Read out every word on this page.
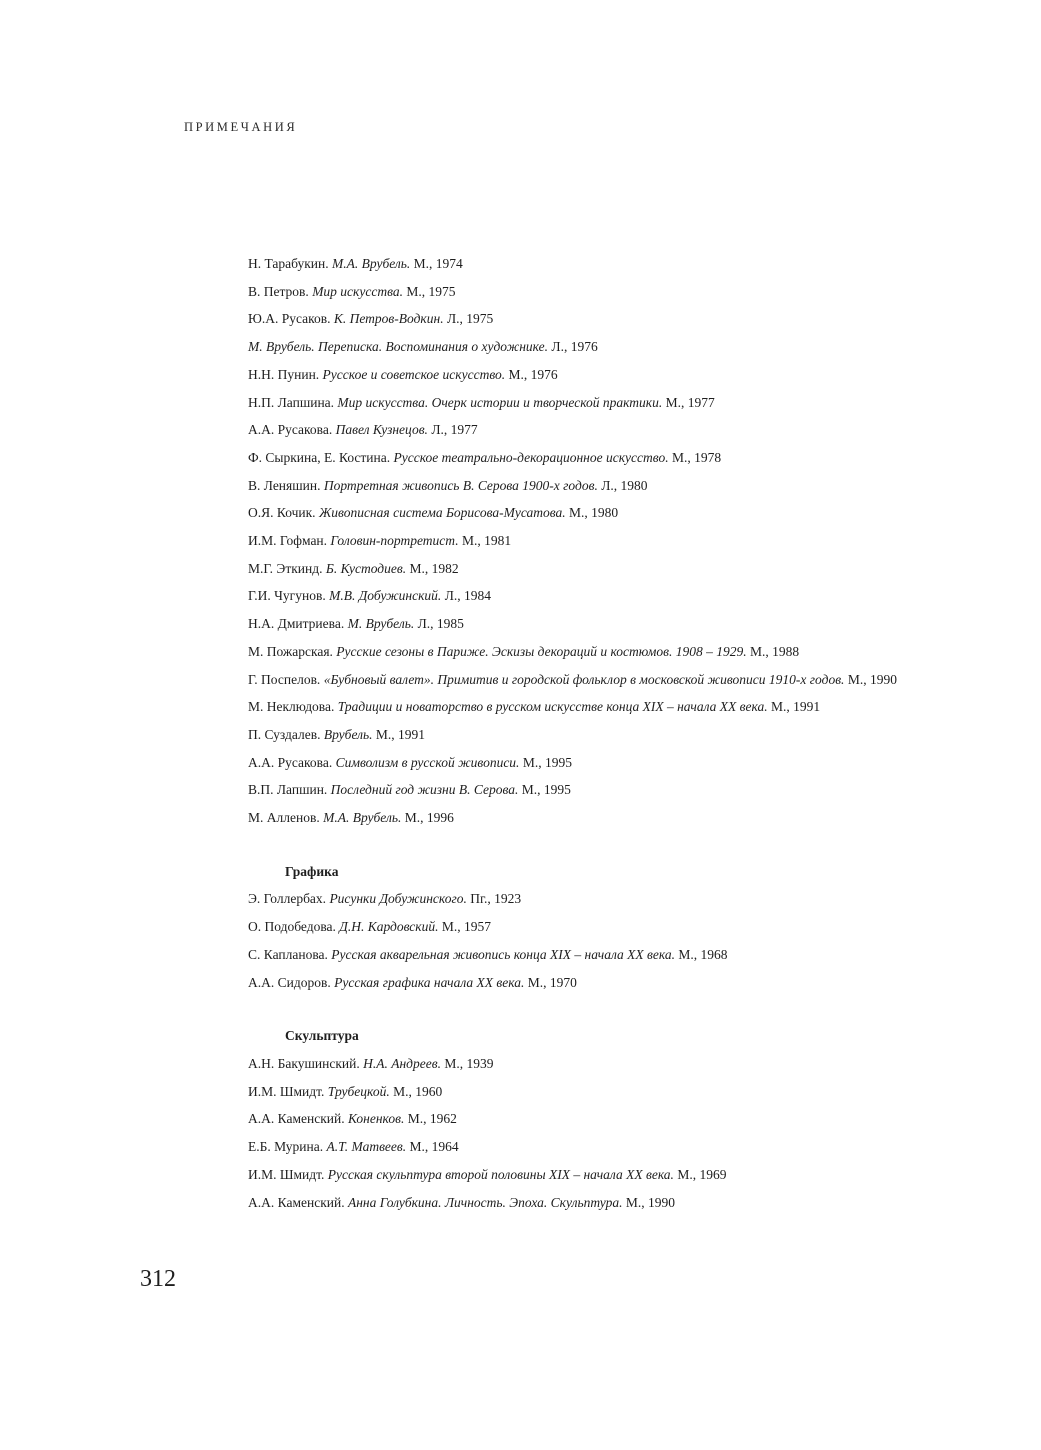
ПРИМЕЧАНИЯ
Н. Тарабукин. М.А. Врубель. М., 1974
В. Петров. Мир искусства. М., 1975
Ю.А. Русаков. К. Петров-Водкин. Л., 1975
М. Врубель. Переписка. Воспоминания о художнике. Л., 1976
Н.Н. Пунин. Русское и советское искусство. М., 1976
Н.П. Лапшина. Мир искусства. Очерк истории и творческой практики. М., 1977
А.А. Русакова. Павел Кузнецов. Л., 1977
Ф. Сыркина, Е. Костина. Русское театрально-декорационное искусство. М., 1978
В. Леняшин. Портретная живопись В. Серова 1900-х годов. Л., 1980
О.Я. Кочик. Живописная система Борисова-Мусатова. М., 1980
И.М. Гофман. Головин-портретист. М., 1981
М.Г. Эткинд. Б. Кустодиев. М., 1982
Г.И. Чугунов. М.В. Добужинский. Л., 1984
Н.А. Дмитриева. М. Врубель. Л., 1985
М. Пожарская. Русские сезоны в Париже. Эскизы декораций и костюмов. 1908 – 1929. М., 1988
Г. Поспелов. «Бубновый валет». Примитив и городской фольклор в московской живописи 1910-х годов. М., 1990
М. Неклюдова. Традиции и новаторство в русском искусстве конца XIX – начала XX века. М., 1991
П. Суздалев. Врубель. М., 1991
А.А. Русакова. Символизм в русской живописи. М., 1995
В.П. Лапшин. Последний год жизни В. Серова. М., 1995
М. Алленов. М.А. Врубель. М., 1996
Графика
Э. Голлербах. Рисунки Добужинского. Пг., 1923
О. Подобедова. Д.Н. Кардовский. М., 1957
С. Капланова. Русская акварельная живопись конца XIX – начала XX века. М., 1968
А.А. Сидоров. Русская графика начала XX века. М., 1970
Скульптура
А.Н. Бакушинский. Н.А. Андреев. М., 1939
И.М. Шмидт. Трубецкой. М., 1960
А.А. Каменский. Коненков. М., 1962
Е.Б. Мурина. А.Т. Матвеев. М., 1964
И.М. Шмидт. Русская скульптура второй половины XIX – начала XX века. М., 1969
А.А. Каменский. Анна Голубкина. Личность. Эпоха. Скульптура. М., 1990
312
